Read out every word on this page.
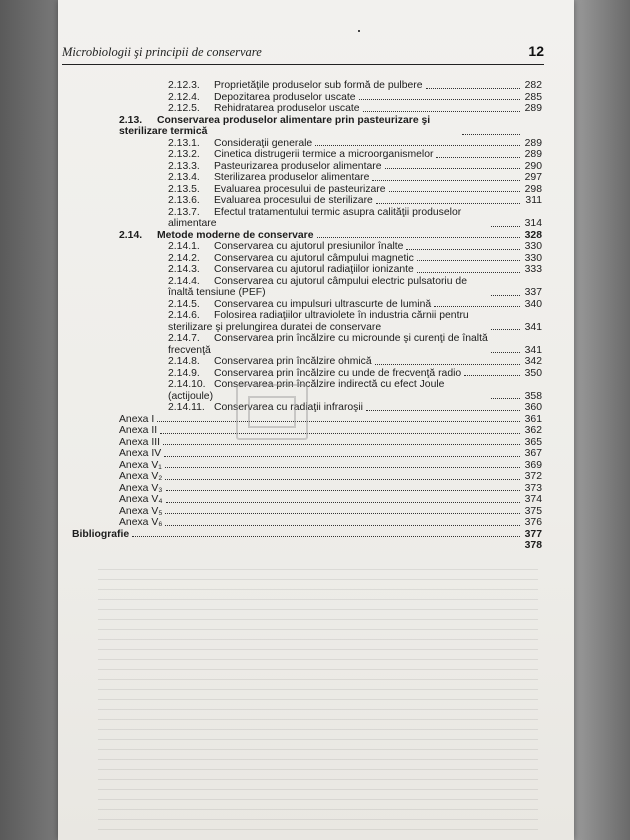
Microbiologii şi principii de conservare	12
2.12.3. Proprietăţile produselor sub formă de pulbere	282
2.12.4. Depozitarea produselor uscate	285
2.12.5. Rehidratarea produselor uscate	289
2.13. Conservarea produselor alimentare prin pasteurizare şi sterilizare termică
2.13.1. Consideraţii generale	289
2.13.2. Cinetica distrugerii termice a microorganismelor	289
2.13.3. Pasteurizarea produselor alimentare	290
2.13.4. Sterilizarea produselor alimentare	297
2.13.5. Evaluarea procesului de pasteurizare	298
2.13.6. Evaluarea procesului de sterilizare	311
2.13.7. Efectul tratamentului termic asupra calităţii produselor alimentare	314
2.14. Metode moderne de conservare	328
2.14.1. Conservarea cu ajutorul presiunilor înalte	330
2.14.2. Conservarea cu ajutorul câmpului magnetic	330
2.14.3. Conservarea cu ajutorul radiaţiilor ionizante	333
2.14.4. Conservarea cu ajutorul câmpului electric pulsatoriu de înaltă tensiune (PEF)	337
2.14.5. Conservarea cu impulsuri ultrascurte de lumină	340
2.14.6. Folosirea radiaţiilor ultraviolete în industria cărnii pentru sterilizare şi prelungirea duratei de conservare	341
2.14.7. Conservarea prin încălzire cu microunde şi curenţi de înaltă frecvenţă	341
2.14.8. Conservarea prin încălzire ohmică	342
2.14.9. Conservarea prin încălzire cu unde de frecvenţă radio	350
2.14.10. Conservarea prin încălzire indirectă cu efect Joule (actijoule)	358
2.14.11. Conservarea cu radiaţii infraroşii	360
Anexa I	361
Anexa II	362
Anexa III	365
Anexa IV	367
Anexa V₁	369
Anexa V₂	372
Anexa V₃	373
Anexa V₄	374
Anexa V₅	375
Anexa V₆	376
Bibliografie	377
378
